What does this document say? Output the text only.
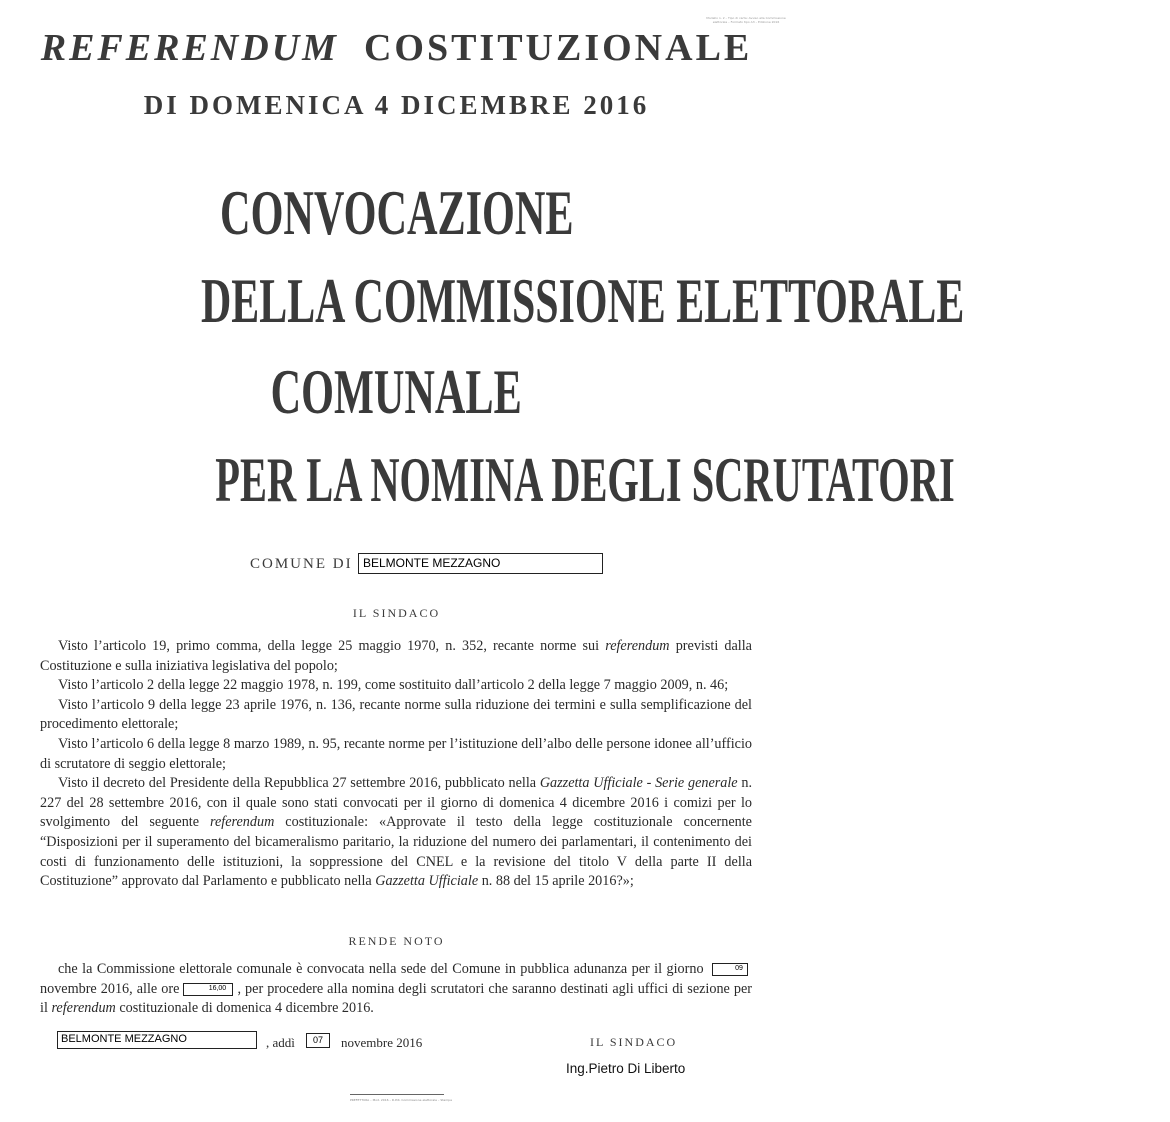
Modello n. 2 – Tipo di carta: Avviso alla Commissione elettorale – Formato tipo A3 – Edizione 2016
REFERENDUM COSTITUZIONALE
DI DOMENICA 4 DICEMBRE 2016
CONVOCAZIONE
DELLA COMMISSIONE ELETTORALE
COMUNALE
PER LA NOMINA DEGLI SCRUTATORI
COMUNE DI BELMONTE MEZZAGNO
IL SINDACO

Visto l’articolo 19, primo comma, della legge 25 maggio 1970, n. 352, recante norme sui referendum previsti dalla Costituzione e sulla iniziativa legislativa del popolo;

Visto l’articolo 2 della legge 22 maggio 1978, n. 199, come sostituito dall’articolo 2 della legge 7 maggio 2009, n. 46;

Visto l’articolo 9 della legge 23 aprile 1976, n. 136, recante norme sulla riduzione dei termini e sulla semplificazione del procedimento elettorale;

Visto l’articolo 6 della legge 8 marzo 1989, n. 95, recante norme per l’istituzione dell’albo delle persone idonee all’ufficio di scrutatore di seggio elettorale;

Visto il decreto del Presidente della Repubblica 27 settembre 2016, pubblicato nella Gazzetta Ufficiale - Serie generale n. 227 del 28 settembre 2016, con il quale sono stati convocati per il giorno di domenica 4 dicembre 2016 i comizi per lo svolgimento del seguente referendum costituzionale: «Approvate il testo della legge costituzionale concernente “Disposizioni per il superamento del bicameralismo paritario, la riduzione del numero dei parlamentari, il contenimento dei costi di funzionamento delle istituzioni, la soppressione del CNEL e la revisione del titolo V della parte II della Costituzione” approvato dal Parlamento e pubblicato nella Gazzetta Ufficiale n. 88 del 15 aprile 2016?»;

RENDE NOTO

che la Commissione elettorale comunale è convocata nella sede del Comune in pubblica adunanza per il giorno	09 novembre 2016, alle ore	16,00 , per procedere alla nomina degli scrutatori che saranno destinati agli uffici di sezione per il referendum costituzionale di domenica 4 dicembre 2016.

BELMONTE MEZZAGNO	, addì	07	novembre 2016	IL SINDACO
Ing.Pietro Di Liberto
PREFETTURA – Mod. 2016 – D.P.R. Commissione elettorale – Stampa
